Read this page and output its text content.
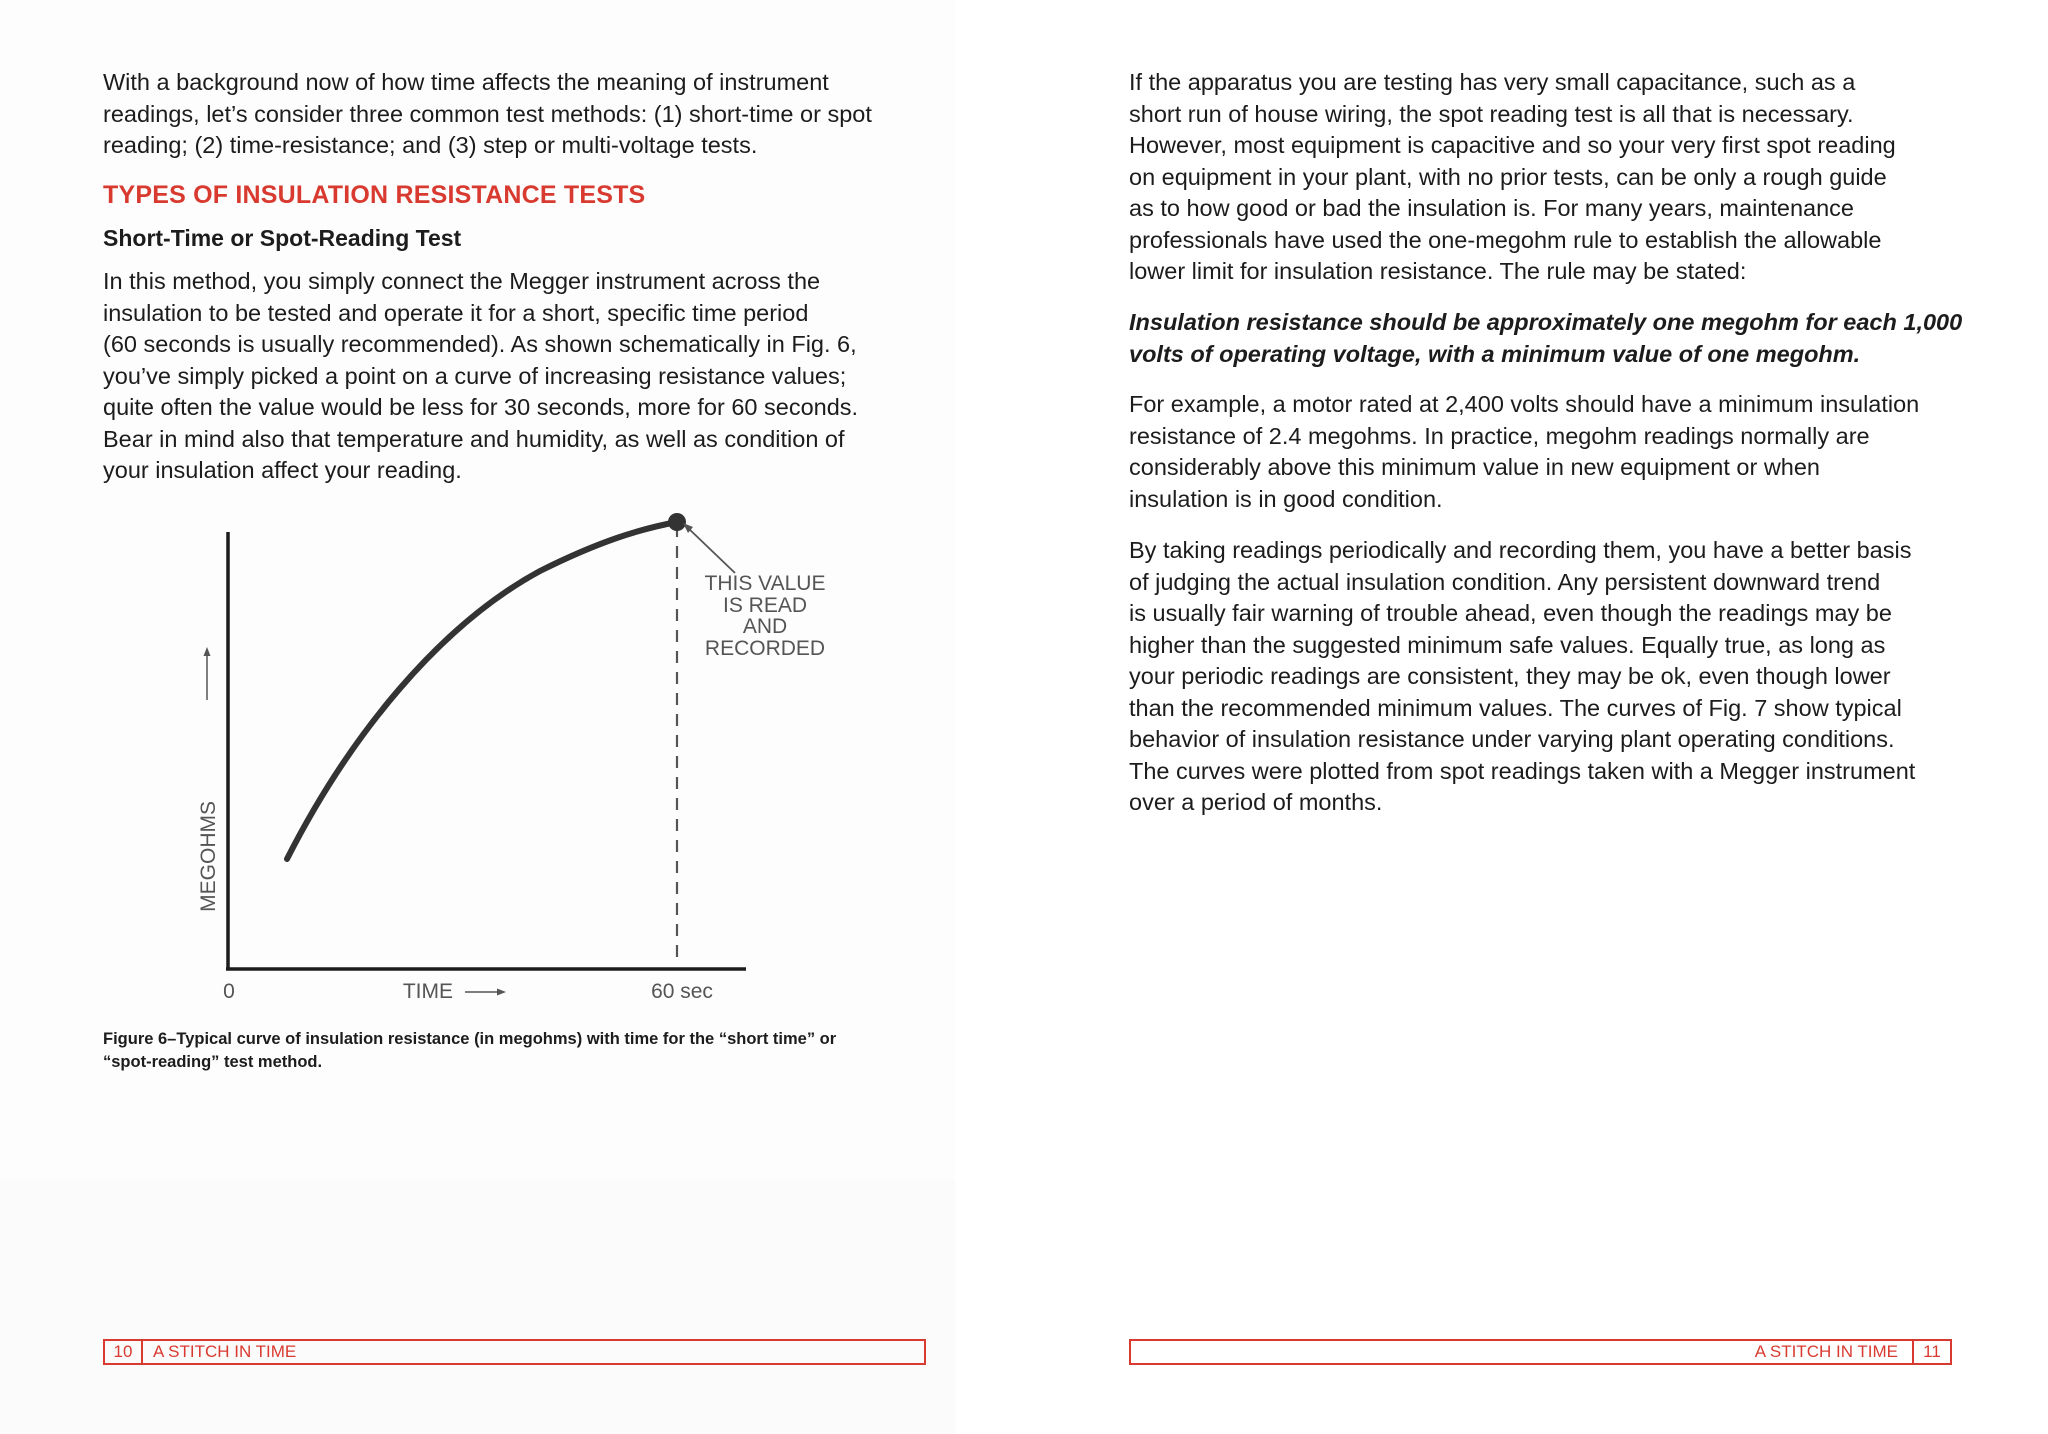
With a background now of how time affects the meaning of instrument
readings, let’s consider three common test methods: (1) short-time or spot
reading; (2) time-resistance; and (3) step or multi-voltage tests.

TYPES OF INSULATION RESISTANCE TESTS
Short-Time or Spot-Reading Test

In this method, you simply connect the Megger instrument across the
insulation to be tested and operate it for a short, specific time period
(60 seconds is usually recommended). As shown schematically in Fig. 6,
you’ve simply picked a point on a curve of increasing resistance values;
quite often the value would be less for 30 seconds, more for 60 seconds.
Bear in mind also that temperature and humidity, as well as condition of
your insulation affect your reading.

THIS VALUE
IS READ
AND
RECORDED
MEGOHMS
0	TIME	60 sec

Figure 6–Typical curve of insulation resistance (in megohms) with time for the “short time” or
“spot-reading” test method.

10	A STITCH IN TIME

If the apparatus you are testing has very small capacitance, such as a
short run of house wiring, the spot reading test is all that is necessary.
However, most equipment is capacitive and so your very first spot reading
on equipment in your plant, with no prior tests, can be only a rough guide
as to how good or bad the insulation is. For many years, maintenance
professionals have used the one-megohm rule to establish the allowable
lower limit for insulation resistance. The rule may be stated:

Insulation resistance should be approximately one megohm for each 1,000
volts of operating voltage, with a minimum value of one megohm.

For example, a motor rated at 2,400 volts should have a minimum insulation
resistance of 2.4 megohms. In practice, megohm readings normally are
considerably above this minimum value in new equipment or when
insulation is in good condition.

By taking readings periodically and recording them, you have a better basis
of judging the actual insulation condition. Any persistent downward trend
is usually fair warning of trouble ahead, even though the readings may be
higher than the suggested minimum safe values. Equally true, as long as
your periodic readings are consistent, they may be ok, even though lower
than the recommended minimum values. The curves of Fig. 7 show typical
behavior of insulation resistance under varying plant operating conditions.
The curves were plotted from spot readings taken with a Megger instrument
over a period of months.

A STITCH IN TIME	11
